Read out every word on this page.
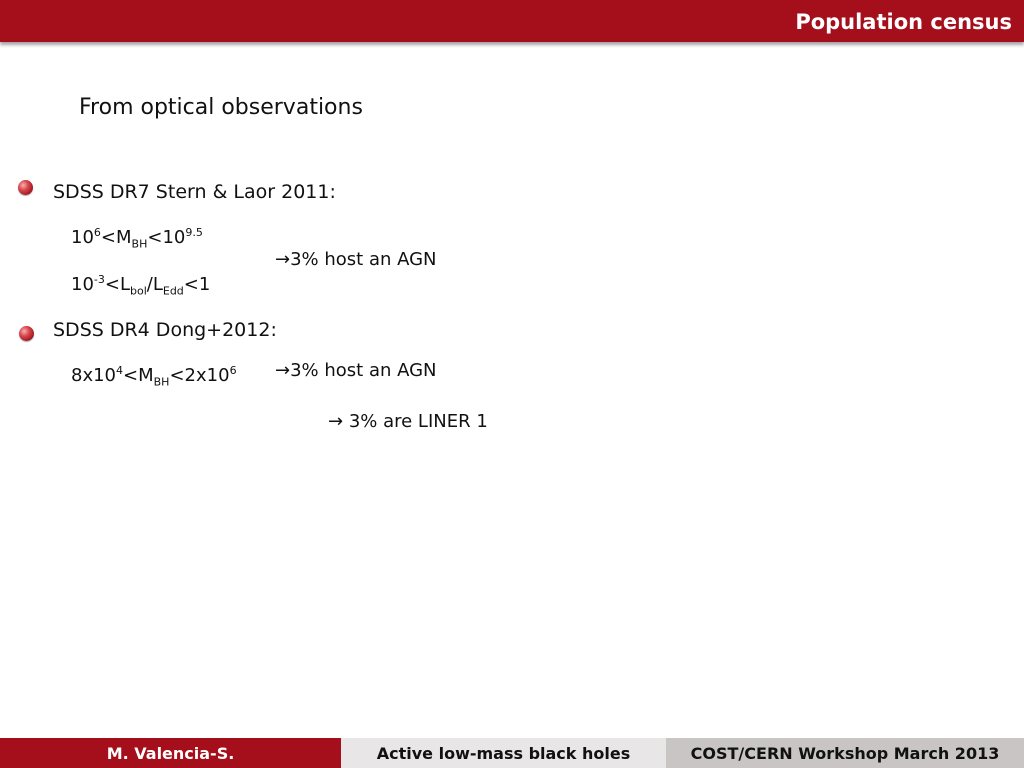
Population census
From optical observations
SDSS DR7 Stern & Laor 2011:
$10^6<M_{BH}<10^{9.5}$
$10^{-3}<L_{bol}/L_{Edd}<1$
→3% host an AGN
SDSS DR4 Dong+2012:
$8x10^4<M_{BH}<2x10^6 \to 3\%$ host an AGN
→ 3% are LINER 1
M. Valencia-S.	Active low-mass black holes	COST/CERN Workshop March 2013
